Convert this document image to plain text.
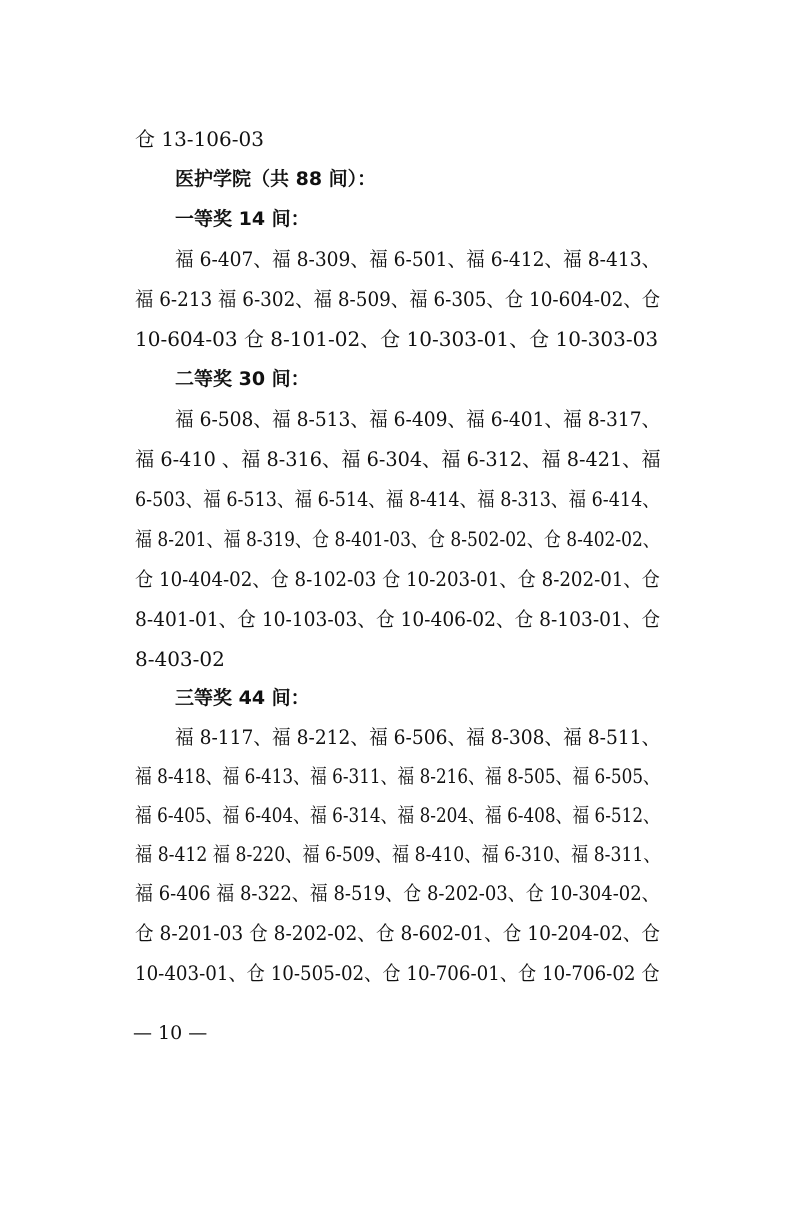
仓 13-106-03
医护学院（共 88 间）：
一等奖 14 间：
福 6-407、福 8-309、福 6-501、福 6-412、福 8-413、
福 6-213 福 6-302、福 8-509、福 6-305、仓 10-604-02、仓
10-604-03 仓 8-101-02、仓 10-303-01、仓 10-303-03
二等奖 30 间：
福 6-508、福 8-513、福 6-409、福 6-401、福 8-317、
福 6-410 、福 8-316、福 6-304、福 6-312、福 8-421、福
6-503、福 6-513、福 6-514、福 8-414、福 8-313、福 6-414、
福 8-201、福 8-319、仓 8-401-03、仓 8-502-02、仓 8-402-02、
仓 10-404-02、仓 8-102-03 仓 10-203-01、仓 8-202-01、仓
8-401-01、仓 10-103-03、仓 10-406-02、仓 8-103-01、仓
8-403-02
三等奖 44 间：
福 8-117、福 8-212、福 6-506、福 8-308、福 8-511、
福 8-418、福 6-413、福 6-311、福 8-216、福 8-505、福 6-505、
福 6-405、福 6-404、福 6-314、福 8-204、福 6-408、福 6-512、
福 8-412 福 8-220、福 6-509、福 8-410、福 6-310、福 8-311、
福 6-406 福 8-322、福 8-519、仓 8-202-03、仓 10-304-02、
仓 8-201-03 仓 8-202-02、仓 8-602-01、仓 10-204-02、仓
10-403-01、仓 10-505-02、仓 10-706-01、仓 10-706-02 仓
— 10 —
